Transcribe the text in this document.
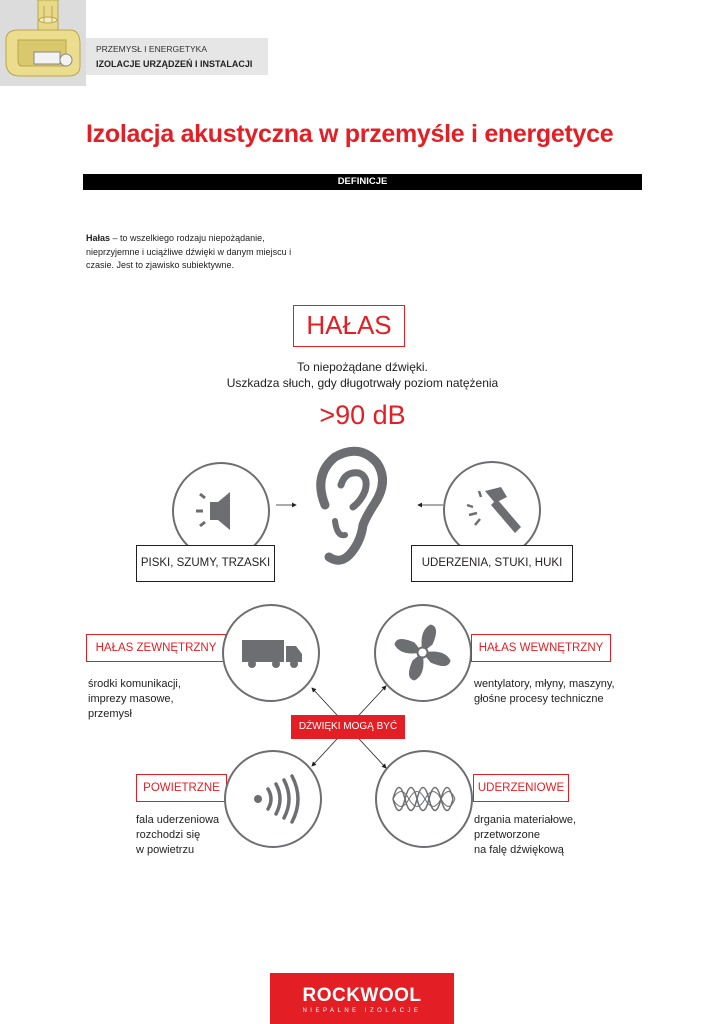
PRZEMYSŁ I ENERGETYKA
IZOLACJE URZĄDZEŃ I INSTALACJI
Izolacja akustyczna w przemyśle i energetyce
DEFINICJE
Hałas – to wszelkiego rodzaju niepożądanie, nieprzyjemne i uciążliwe dźwięki w danym miejscu i czasie. Jest to zjawisko subiektywne.
HAŁAS
To niepożądane dźwięki.
Uszkadza słuch, gdy długotrwały poziom natężenia
>90 dB
PISKI, SZUMY, TRZASKI	UDERZENIA, STUKI, HUKI
HAŁAS ZEWNĘTRZNY
środki komunikacji,
imprezy masowe,
przemysł
HAŁAS WEWNĘTRZNY
wentylatory, młyny, maszyny,
głośne procesy techniczne
DŹWIĘKI MOGĄ BYĆ
POWIETRZNE
fala uderzeniowa
rozchodzi się
w powietrzu
UDERZENIOWE
drgania materiałowe,
przetworzone
na falę dźwiękową
ROCKWOOL
NIEPALNE IZOLACJE
